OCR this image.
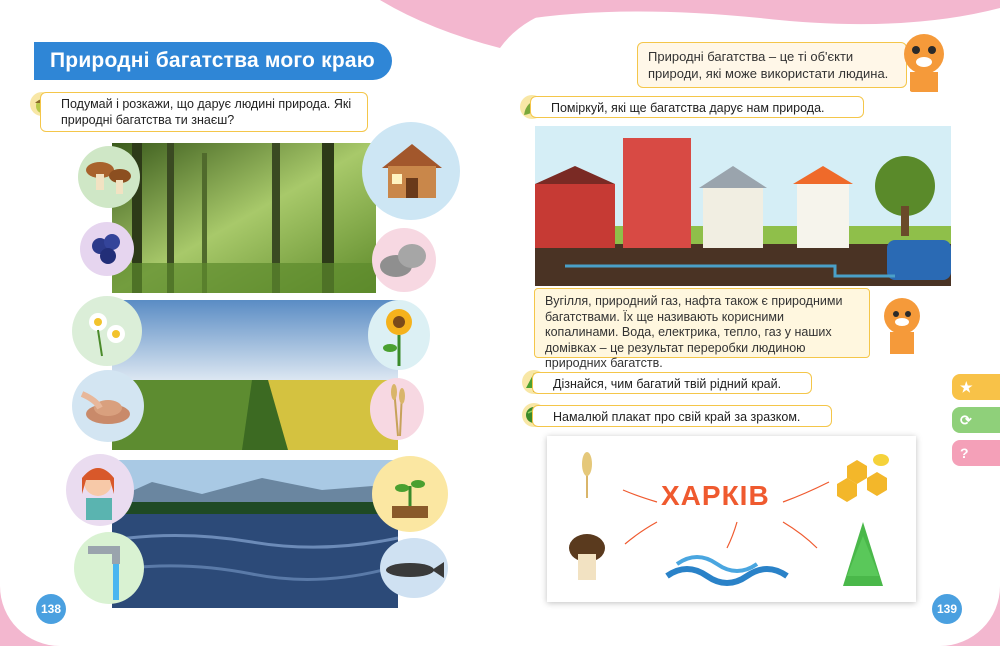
Природні багатства мого краю
Подумай і розкажи, що дарує людині природа. Які природні багатства ти знаєш?
138
Природні багатства – це ті об'єкти природи, які може використати людина.
Поміркуй, які ще багатства дарує нам природа.
Вугілля, природний газ, нафта також є природними багатствами. Їх ще називають корисними копалинами. Вода, електрика, тепло, газ у наших домівках – це результат переробки людиною природних багатств.
Дізнайся, чим багатий твій рідний край.
Намалюй плакат про свій край за зразком.
ХАРКІВ
139
★
⟳
?
